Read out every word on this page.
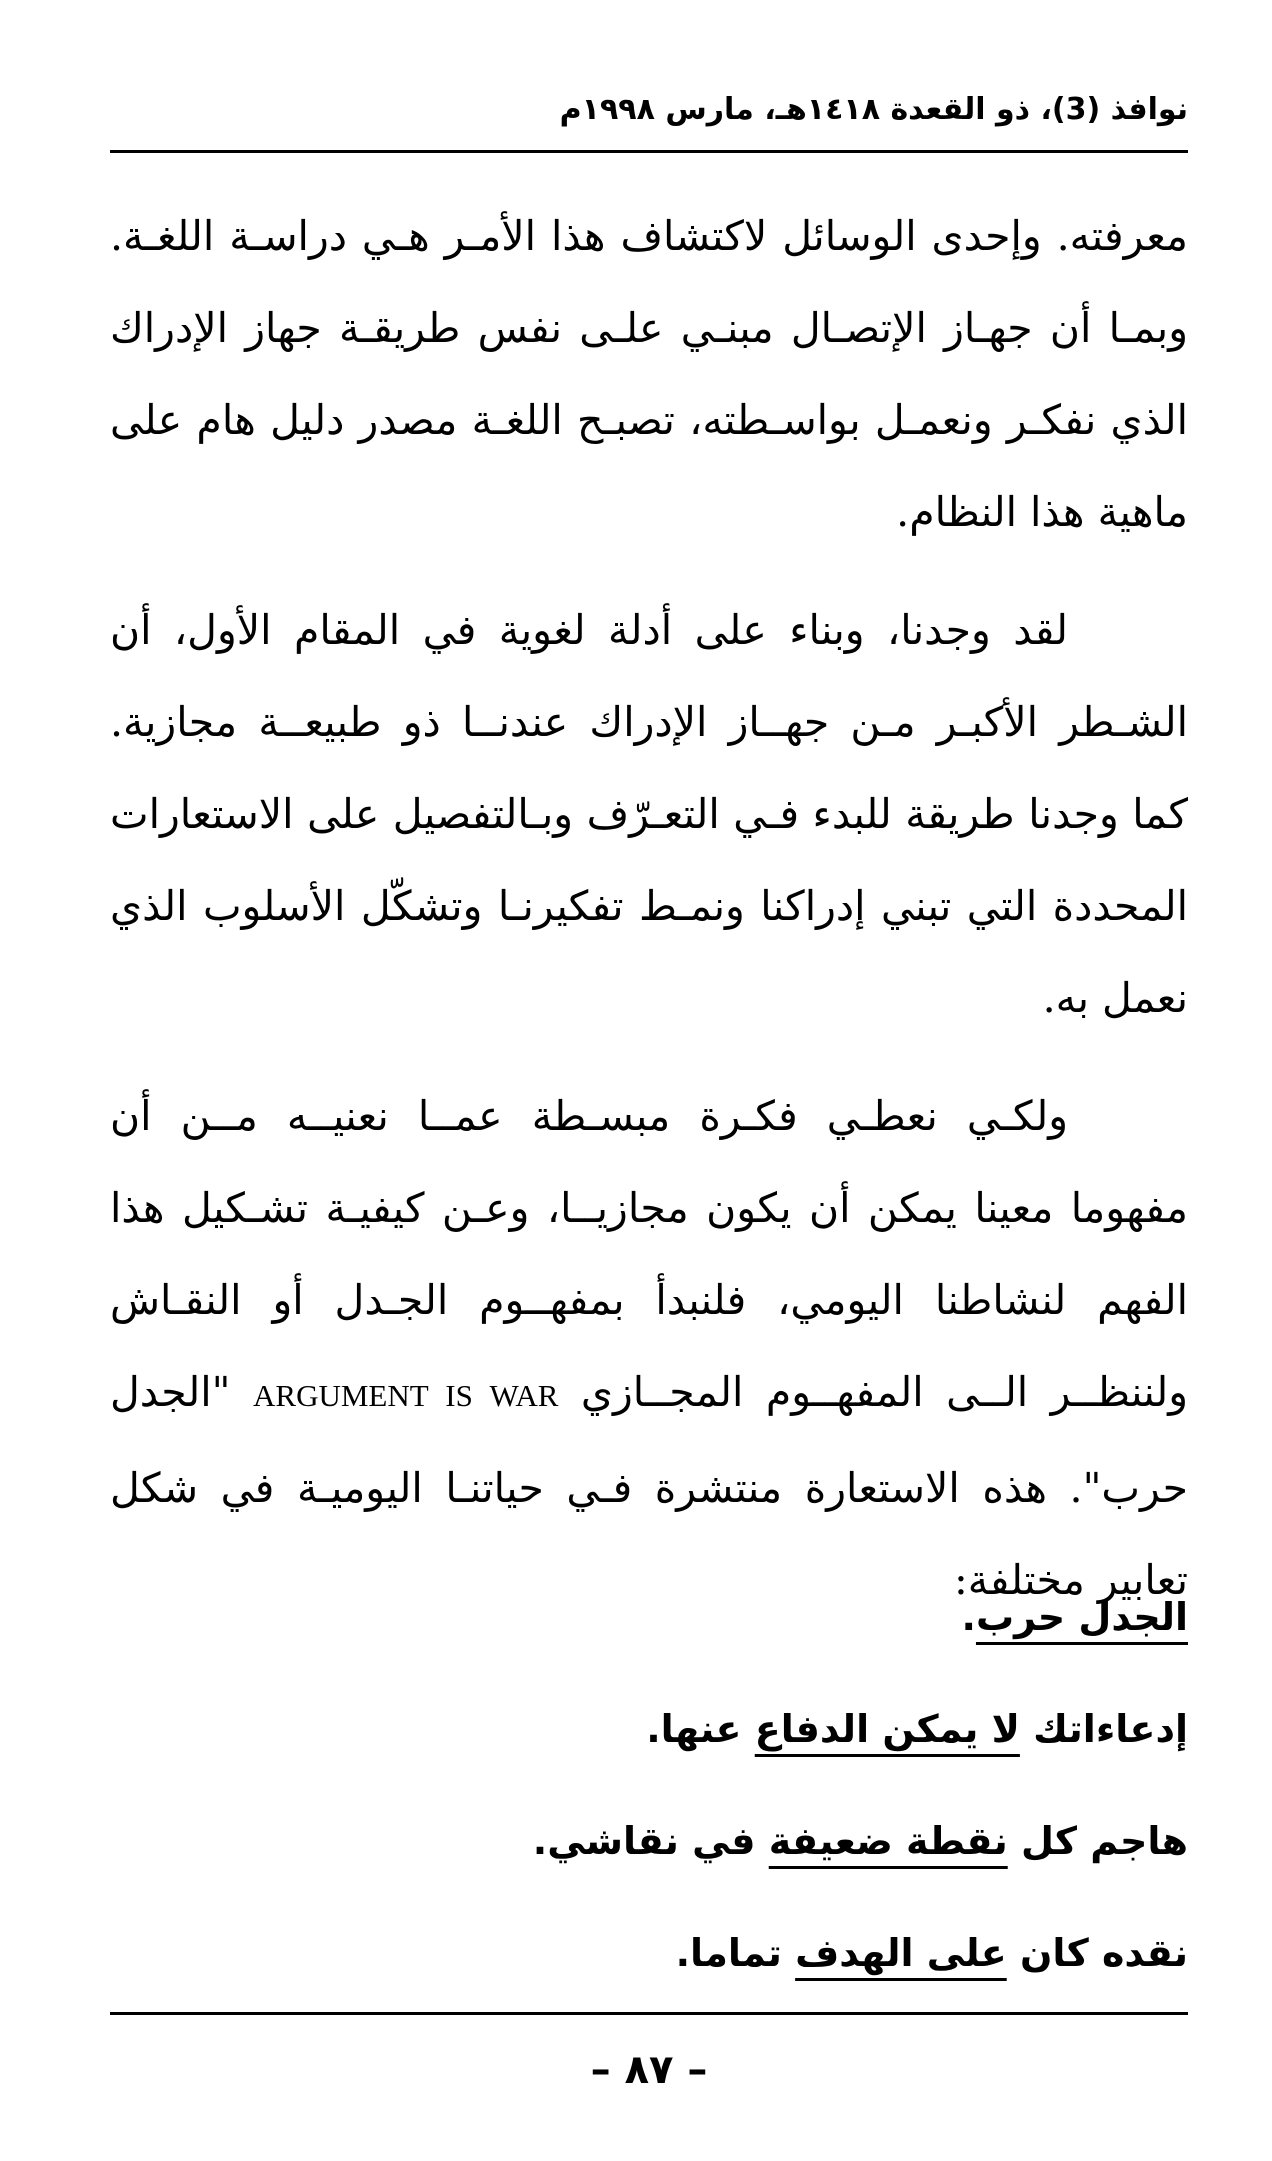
نوافذ (3)، ذو القعدة ١٤١٨هـ، مارس ١٩٩٨م

معرفته. وإحدى الوسائل لاكتشاف هذا الأمـر هـي دراسـة اللغـة. وبمـا أن جهـاز الإتصـال مبنـي علـى نفس طريقـة جهاز الإدراك الذي نفكـر ونعمـل بواسـطته، تصبـح اللغـة مصدر دليل هام على ماهية هذا النظام.

لقد وجدنا، وبناء على أدلة لغوية في المقام الأول، أن الشـطر الأكبـر مـن جهــاز الإدراك عندنــا ذو طبيعــة مجازية. كما وجدنا طريقة للبدء فـي التعـرّف وبـالتفصيل على الاستعارات المحددة التي تبني إدراكنا ونمـط تفكيرنـا وتشكّل الأسلوب الذي نعمل به.

ولكـي نعطـي فكـرة مبسـطة عمــا نعنيــه مــن أن مفهوما معينا يمكن أن يكون مجازيــا، وعـن كيفيـة تشـكيل هذا الفهم لنشاطنا اليومي، فلنبدأ بمفهــوم الجـدل أو النقـاش ولننظــر الــى المفهــوم المجــازي ARGUMENT IS WAR "الجدل حرب". هذه الاستعارة منتشرة فـي حياتنـا اليوميـة في شكل تعابير مختلفة:

الجدل حرب.
إدعاءاتك لا يمكن الدفاع عنها.
هاجم كل نقطة ضعيفة في نقاشي.
نقده كان على الهدف تماما.
– ٨٧ –
